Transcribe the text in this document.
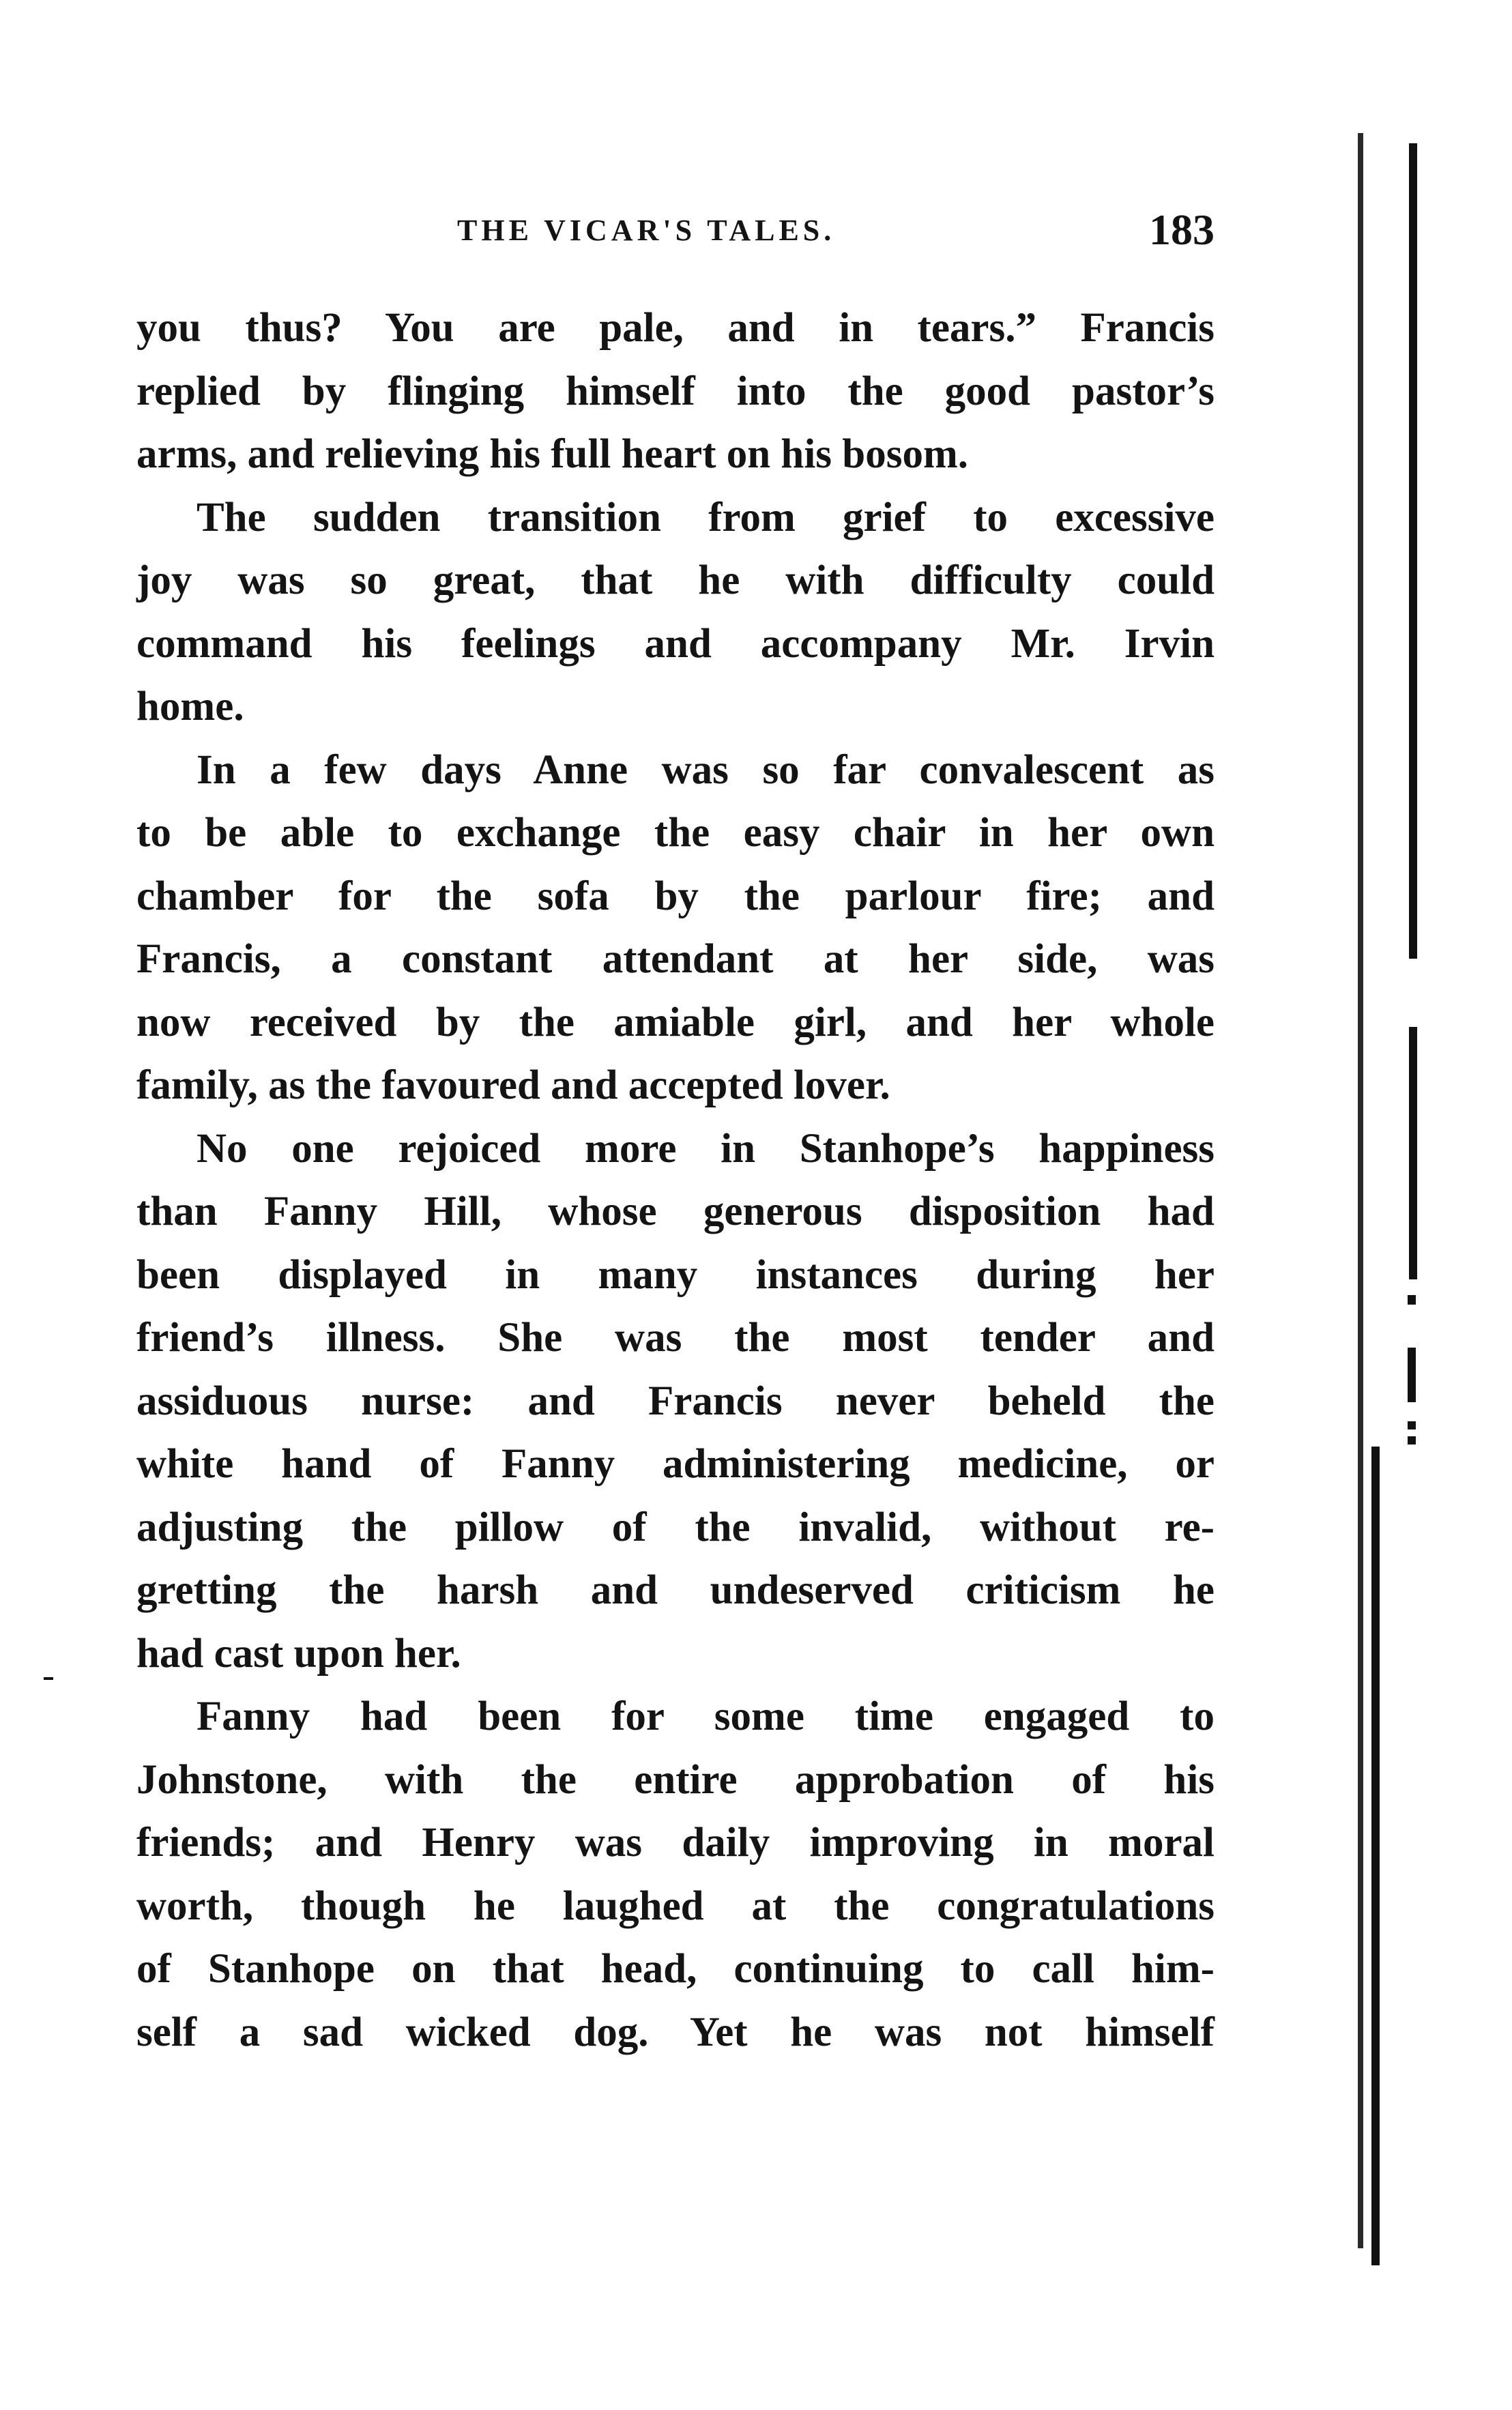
THE VICAR'S TALES.	183
you thus? You are pale, and in tears.” Francis
replied by flinging himself into the good pastor’s
arms, and relieving his full heart on his bosom.
The sudden transition from grief to excessive
joy was so great, that he with difficulty could
command his feelings and accompany Mr. Irvin
home.
In a few days Anne was so far convalescent as
to be able to exchange the easy chair in her own
chamber for the sofa by the parlour fire; and
Francis, a constant attendant at her side, was
now received by the amiable girl, and her whole
family, as the favoured and accepted lover.
No one rejoiced more in Stanhope’s happiness
than Fanny Hill, whose generous disposition had
been displayed in many instances during her
friend’s illness. She was the most tender and
assiduous nurse: and Francis never beheld the
white hand of Fanny administering medicine, or
adjusting the pillow of the invalid, without re-
gretting the harsh and undeserved criticism he
had cast upon her.
Fanny had been for some time engaged to
Johnstone, with the entire approbation of his
friends; and Henry was daily improving in moral
worth, though he laughed at the congratulations
of Stanhope on that head, continuing to call him-
self a sad wicked dog. Yet he was not himself
